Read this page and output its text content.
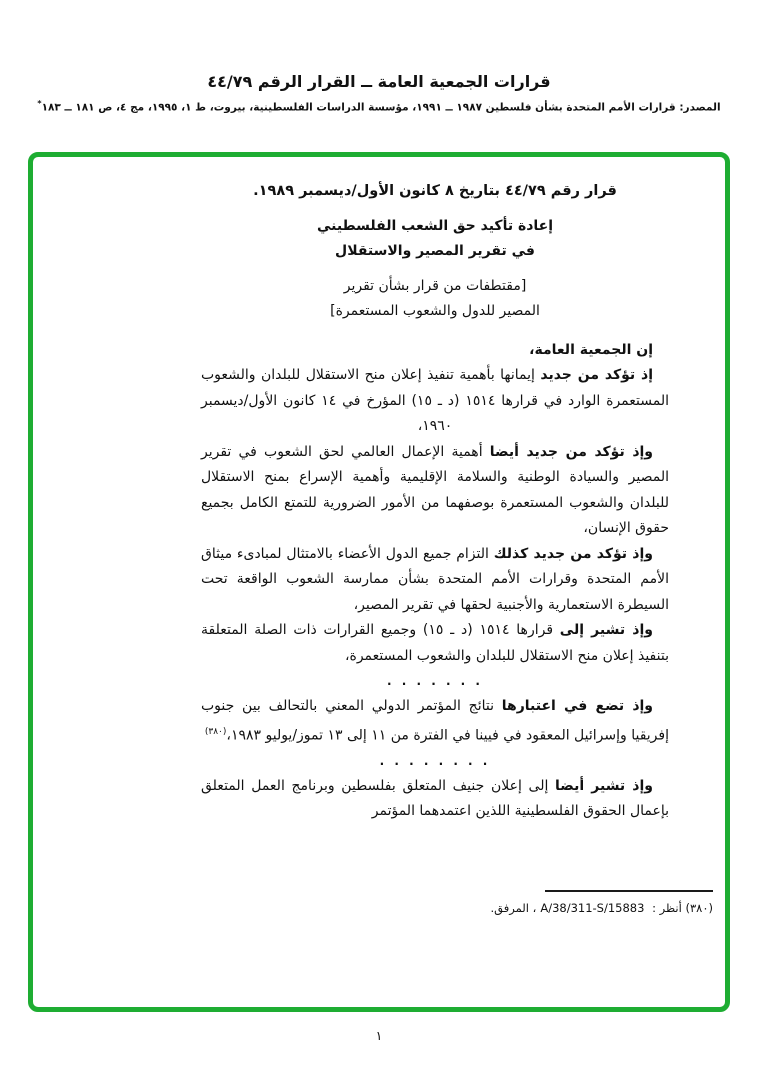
قرارات الجمعية العامة ــ القرار الرقم ٤٤/٧٩
المصدر: قرارات الأمم المتحدة بشأن فلسطين ١٩٨٧ ــ ١٩٩١، مؤسسة الدراسات الفلسطينية، بيروت، ط ١، ١٩٩٥، مج ٤، ص ١٨١ ــ ١٨٣*
قرار رقم ٤٤/٧٩ بتاريخ ٨ كانون الأول/ديسمبر ١٩٨٩.
إعادة تأكيد حق الشعب الفلسطيني
في تقرير المصير والاستقلال
[مقتطفات من قرار بشأن تقرير
المصير للدول والشعوب المستعمرة]
إن الجمعية العامة،

إذ تؤكد من جديد إيمانها بأهمية تنفيذ إعلان منح الاستقلال للبلدان والشعوب المستعمرة الوارد في قرارها ١٥١٤ (د ـ ١٥) المؤرخ في ١٤ كانون الأول/ديسمبر ١٩٦٠،

وإذ تؤكد من جديد أيضا أهمية الإعمال العالمي لحق الشعوب في تقرير المصير والسيادة الوطنية والسلامة الإقليمية وأهمية الإسراع بمنح الاستقلال للبلدان والشعوب المستعمرة بوصفهما من الأمور الضرورية للتمتع الكامل بجميع حقوق الإنسان،

وإذ تؤكد من جديد كذلك التزام جميع الدول الأعضاء بالامتثال لمبادىء ميثاق الأمم المتحدة وقرارات الأمم المتحدة بشأن ممارسة الشعوب الواقعة تحت السيطرة الاستعمارية والأجنبية لحقها في تقرير المصير،

وإذ تشير إلى قرارها ١٥١٤ (د ـ ١٥) وجميع القرارات ذات الصلة المتعلقة بتنفيذ إعلان منح الاستقلال للبلدان والشعوب المستعمرة،

. . . . . . .

وإذ تضع في اعتبارها نتائج المؤتمر الدولي المعني بالتحالف بين جنوب إفريقيا وإسرائيل المعقود في فيينا في الفترة من ١١ إلى ١٣ تموز/يوليو ١٩٨٣،$^{(٣٨٠)}$

. . . . . . . .

وإذ تشير أيضا إلى إعلان جنيف المتعلق بفلسطين وبرنامج العمل المتعلق بإعمال الحقوق الفلسطينية اللذين اعتمدهما المؤتمر

(٣٨٠) أنظر : A/38/311-S/15883، المرفق.
١
